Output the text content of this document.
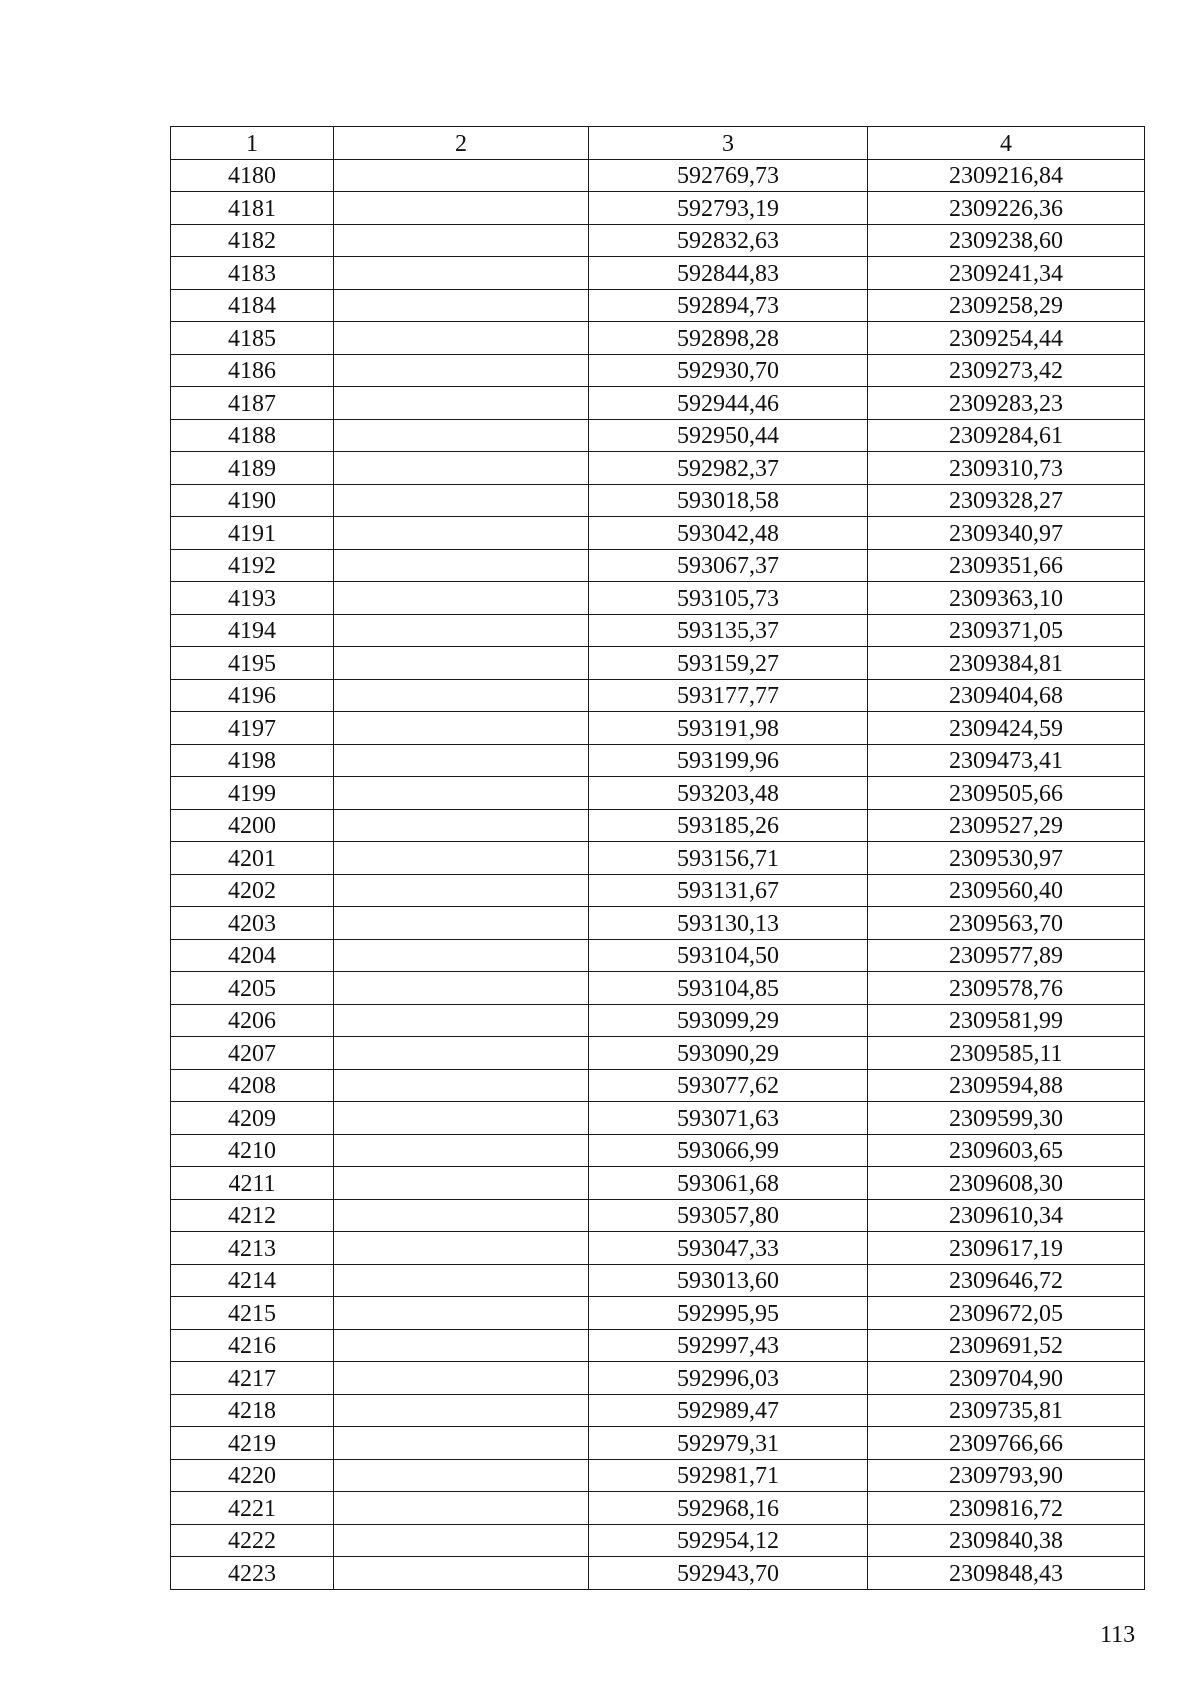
1	2	3	4
4180		592769,73	2309216,84
4181		592793,19	2309226,36
4182		592832,63	2309238,60
4183		592844,83	2309241,34
4184		592894,73	2309258,29
4185		592898,28	2309254,44
4186		592930,70	2309273,42
4187		592944,46	2309283,23
4188		592950,44	2309284,61
4189		592982,37	2309310,73
4190		593018,58	2309328,27
4191		593042,48	2309340,97
4192		593067,37	2309351,66
4193		593105,73	2309363,10
4194		593135,37	2309371,05
4195		593159,27	2309384,81
4196		593177,77	2309404,68
4197		593191,98	2309424,59
4198		593199,96	2309473,41
4199		593203,48	2309505,66
4200		593185,26	2309527,29
4201		593156,71	2309530,97
4202		593131,67	2309560,40
4203		593130,13	2309563,70
4204		593104,50	2309577,89
4205		593104,85	2309578,76
4206		593099,29	2309581,99
4207		593090,29	2309585,11
4208		593077,62	2309594,88
4209		593071,63	2309599,30
4210		593066,99	2309603,65
4211		593061,68	2309608,30
4212		593057,80	2309610,34
4213		593047,33	2309617,19
4214		593013,60	2309646,72
4215		592995,95	2309672,05
4216		592997,43	2309691,52
4217		592996,03	2309704,90
4218		592989,47	2309735,81
4219		592979,31	2309766,66
4220		592981,71	2309793,90
4221		592968,16	2309816,72
4222		592954,12	2309840,38
4223		592943,70	2309848,43
113
